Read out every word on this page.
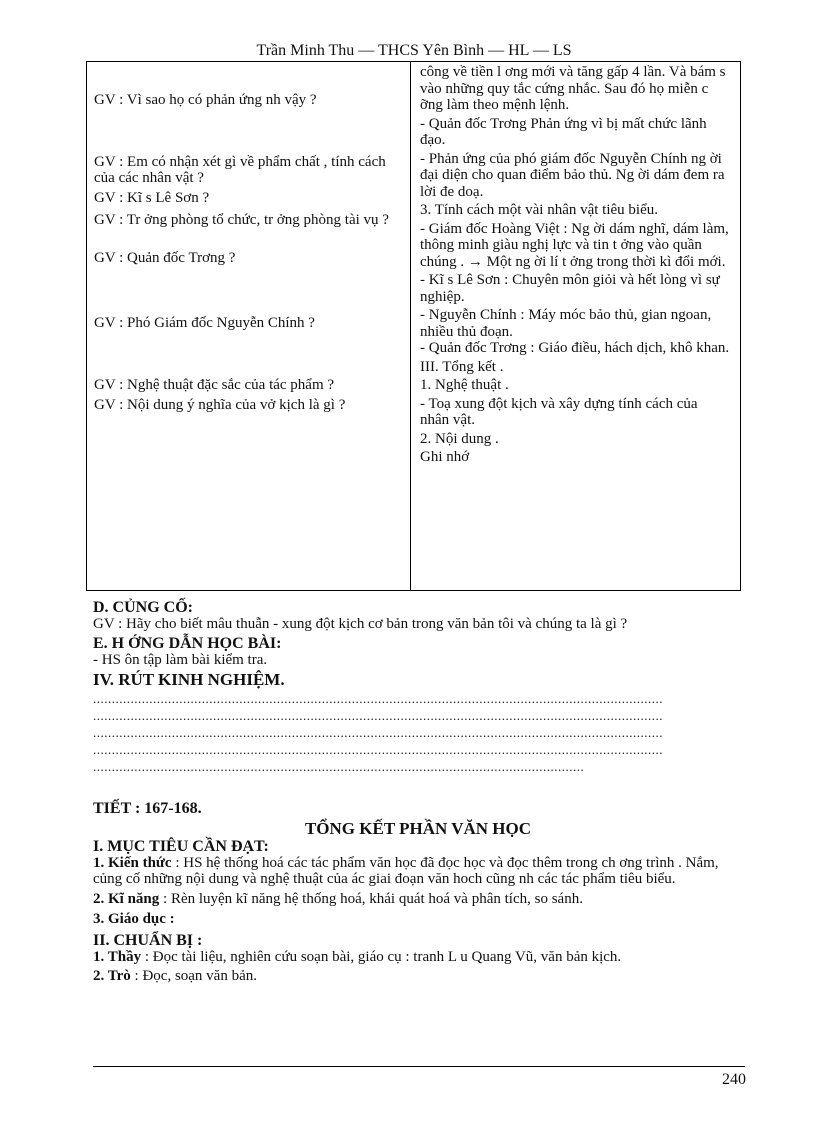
Trần Minh Thu — THCS Yên Bình — HL — LS

GV : Vì sao họ có phản ứng nh vậy ?

GV : Em có nhận xét gì về phẩm chất , tính cách của các nhân vật ?

GV : Kĩ s Lê Sơn ?

GV : Tr ởng phòng tổ chức, tr ởng phòng tài vụ ?

GV : Quản đốc Trơng ?

GV : Phó Giám đốc Nguyễn Chính ?

GV : Nghệ thuật đặc sắc của tác phẩm ?

GV : Nội dung ý nghĩa của vở kịch là gì ?

công về tiền l ơng mới và tăng gấp 4 lần. Và bám s vào những quy tắc cứng nhắc. Sau đó họ miễn c ỡng làm theo mệnh lệnh.

- Quản đốc Trơng Phản ứng vì bị mất chức lãnh đạo.

- Phản ứng của phó giám đốc Nguyễn Chính ng ời đại diện cho quan điểm bảo thủ. Ng ời dám đem ra lời đe doạ.

3. Tính cách một vài nhân vật tiêu biểu.

- Giám đốc Hoàng Việt : Ng ời dám nghĩ, dám làm, thông minh giàu nghị lực và tin t ởng vào quần chúng . → Một ng ời lí t ởng trong thời kì đổi mới.

- Kĩ s Lê Sơn : Chuyên môn giỏi và hết lòng vì sự nghiệp.

- Nguyễn Chính : Máy móc bảo thủ, gian ngoan, nhiều thủ đoạn.

- Quản đốc Trơng : Giáo điều, hách dịch, khô khan.

III. Tổng kết .

1. Nghệ thuật .

- Toạ xung đột kịch và xây dựng tính cách của nhân vật.

2. Nội dung .

Ghi nhớ

D. CỦNG CỐ:

GV : Hãy cho biết mâu thuẫn - xung đột kịch cơ bản trong văn bản tôi và chúng ta là gì ?

E. H ỚNG DẪN HỌC BÀI:

- HS ôn tập làm bài kiểm tra.

IV. RÚT KINH NGHIỆM.

........................................................................................................................................................
........................................................................................................................................................
........................................................................................................................................................
........................................................................................................................................................
...................................................................................................................................

TIẾT : 167-168.

TỔNG KẾT PHẦN VĂN HỌC

I. MỤC TIÊU CẦN ĐẠT:

1. Kiến thức : HS hệ thống hoá các tác phẩm văn học đã đọc học và đọc thêm trong ch ơng trình . Nắm, củng cố những nội dung và nghệ thuật của ác giai đoạn văn hoch cũng nh các tác phẩm tiêu biểu.

2. Kĩ năng : Rèn luyện kĩ năng hệ thống hoá, khái quát hoá và phân tích, so sánh.

3. Giáo dục :

II. CHUẨN BỊ :

1. Thầy : Đọc tài liệu, nghiên cứu soạn bài, giáo cụ : tranh L u Quang Vũ, văn bản kịch.

2. Trò : Đọc, soạn văn bản.

240
